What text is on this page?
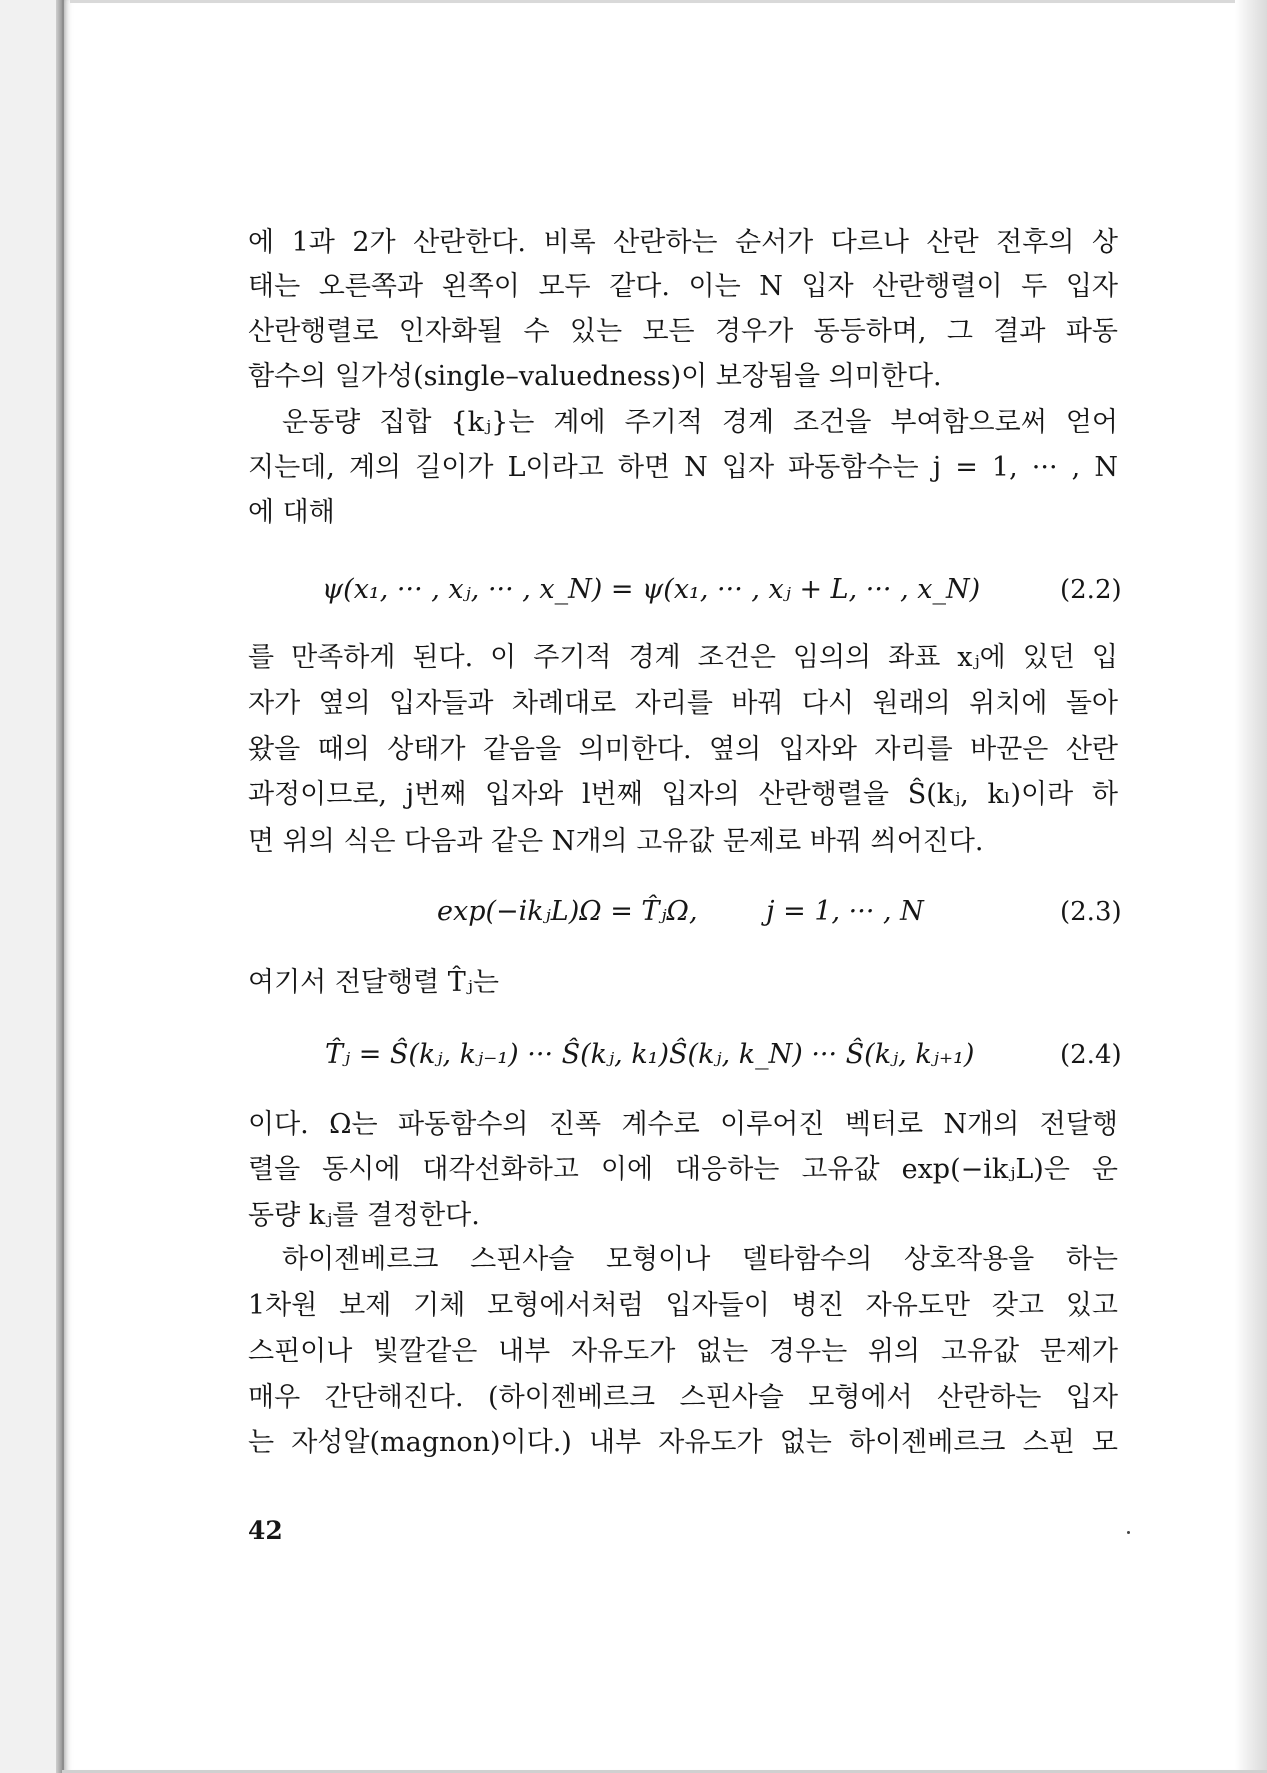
에 1과 2가 산란한다. 비록 산란하는 순서가 다르나 산란 전후의 상
태는 오른쪽과 왼쪽이 모두 같다. 이는 N 입자 산란행렬이 두 입자
산란행렬로 인자화될 수 있는 모든 경우가 동등하며, 그 결과 파동
함수의 일가성(single–valuedness)이 보장됨을 의미한다.
운동량 집합 {kⱼ}는 계에 주기적 경계 조건을 부여함으로써 얻어
지는데, 계의 길이가 L이라고 하면 N 입자 파동함수는 j = 1, ··· , N
에 대해
ψ(x₁, ··· , xⱼ, ··· , x_N) = ψ(x₁, ··· , xⱼ + L, ··· , x_N)	(2.2)
를 만족하게 된다. 이 주기적 경계 조건은 임의의 좌표 xⱼ에 있던 입
자가 옆의 입자들과 차례대로 자리를 바꿔 다시 원래의 위치에 돌아
왔을 때의 상태가 같음을 의미한다. 옆의 입자와 자리를 바꾼은 산란
과정이므로, j번째 입자와 l번째 입자의 산란행렬을 Ŝ(kⱼ, kₗ)이라 하
면 위의 식은 다음과 같은 N개의 고유값 문제로 바꿔 씌어진다.
exp(−ikⱼL)Ω = T̂ⱼΩ,        j = 1, ··· , N	(2.3)
여기서 전달행렬 T̂ⱼ는
T̂ⱼ = Ŝ(kⱼ, kⱼ₋₁) ··· Ŝ(kⱼ, k₁)Ŝ(kⱼ, k_N) ··· Ŝ(kⱼ, kⱼ₊₁)	(2.4)
이다. Ω는 파동함수의 진폭 계수로 이루어진 벡터로 N개의 전달행
렬을 동시에 대각선화하고 이에 대응하는 고유값 exp(−ikⱼL)은 운
동량 kⱼ를 결정한다.
하이젠베르크 스핀사슬 모형이나 델타함수의 상호작용을 하는
1차원 보제 기체 모형에서처럼 입자들이 병진 자유도만 갖고 있고
스핀이나 빛깔같은 내부 자유도가 없는 경우는 위의 고유값 문제가
매우 간단해진다. (하이젠베르크 스핀사슬 모형에서 산란하는 입자
는 자성알(magnon)이다.) 내부 자유도가 없는 하이젠베르크 스핀 모
42
